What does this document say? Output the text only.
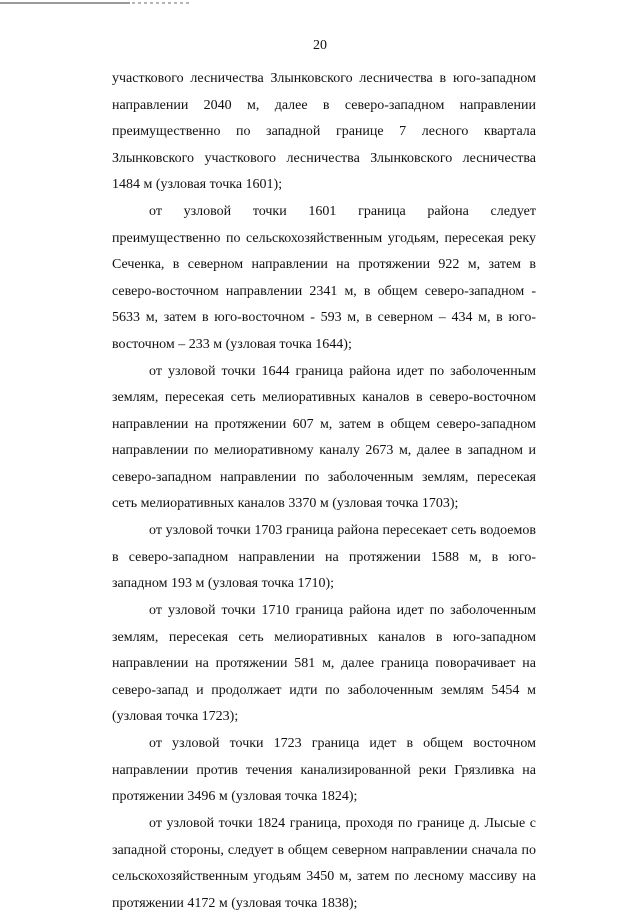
20

участкового лесничества Злынковского лесничества в юго-западном направлении 2040 м, далее в северо-западном направлении преимущественно по западной границе 7 лесного квартала Злынковского участкового лесничества Злынковского лесничества 1484 м (узловая точка 1601);

от узловой точки 1601 граница района следует преимущественно по сельскохозяйственным угодьям, пересекая реку Сеченка, в северном направлении на протяжении 922 м, затем в северо-восточном направлении 2341 м, в общем северо-западном - 5633 м, затем в юго-восточном - 593 м, в северном – 434 м, в юго-восточном – 233 м (узловая точка 1644);

от узловой точки 1644 граница района идет по заболоченным землям, пересекая сеть мелиоративных каналов в северо-восточном направлении на протяжении 607 м, затем в общем северо-западном направлении по мелиоративному каналу 2673 м, далее в западном и северо-западном направлении по заболоченным землям, пересекая сеть мелиоративных каналов 3370 м (узловая точка 1703);

от узловой точки 1703 граница района пересекает сеть водоемов в северо-западном направлении на протяжении 1588 м, в юго-западном 193 м (узловая точка 1710);

от узловой точки 1710 граница района идет по заболоченным землям, пересекая сеть мелиоративных каналов в юго-западном направлении на протяжении 581 м, далее граница поворачивает на северо-запад и продолжает идти по заболоченным землям 5454 м (узловая точка 1723);

от узловой точки 1723 граница идет в общем восточном направлении против течения канализированной реки Грязливка на протяжении 3496 м (узловая точка 1824);

от узловой точки 1824 граница, проходя по границе д. Лысые с западной стороны, следует в общем северном направлении сначала по сельскохозяйственным угодьям 3450 м, затем по лесному массиву на протяжении 4172 м (узловая точка 1838);
